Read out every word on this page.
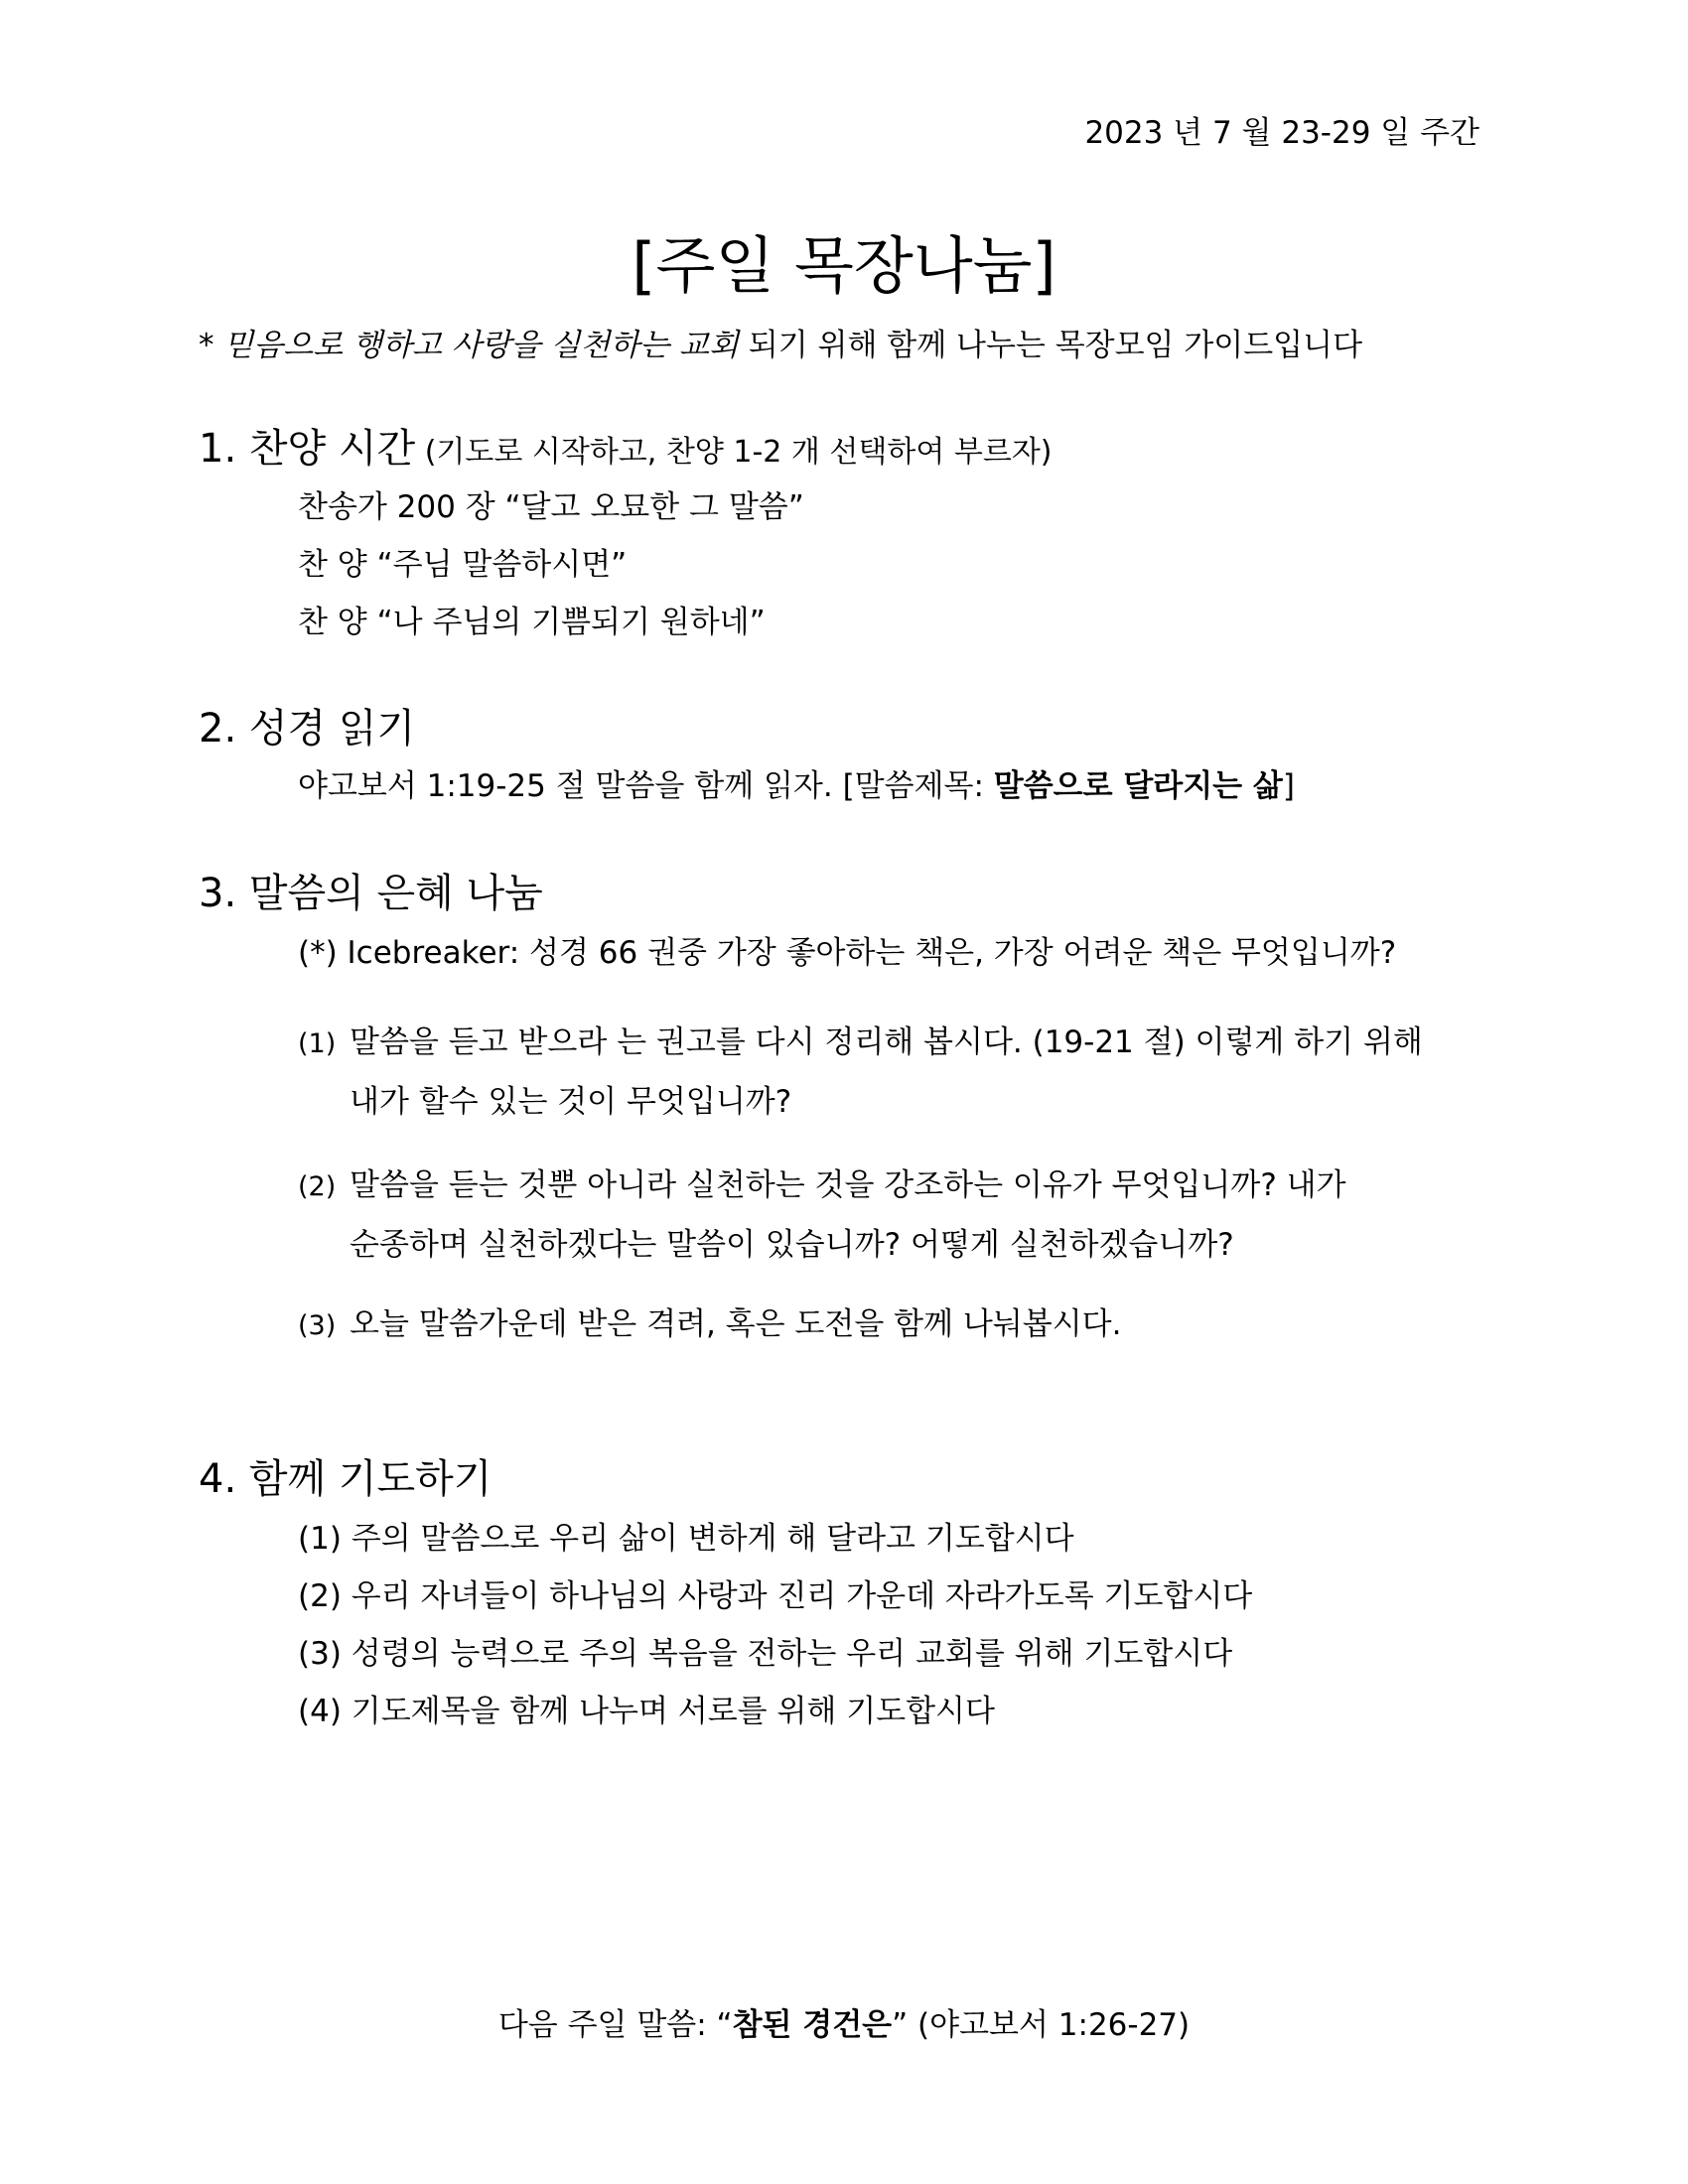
2023 년 7 월 23-29 일 주간
[주일 목장나눔]
* 믿음으로 행하고 사랑을 실천하는 교회 되기 위해 함께 나누는 목장모임 가이드입니다
1. 찬양 시간 (기도로 시작하고, 찬양 1-2 개 선택하여 부르자)
찬송가 200 장 “달고 오묘한 그 말씀”
찬 양 “주님 말씀하시면”
찬 양 “나 주님의 기쁨되기 원하네”
2. 성경 읽기
야고보서 1:19-25 절 말씀을 함께 읽자. [말씀제목: 말씀으로 달라지는 삶]
3. 말씀의 은혜 나눔
(*) Icebreaker: 성경 66 권중 가장 좋아하는 책은, 가장 어려운 책은 무엇입니까?
(1) 말씀을 듣고 받으라 는 권고를 다시 정리해 봅시다. (19-21 절) 이렇게 하기 위해
내가 할수 있는 것이 무엇입니까?
(2) 말씀을 듣는 것뿐 아니라 실천하는 것을 강조하는 이유가 무엇입니까? 내가
순종하며 실천하겠다는 말씀이 있습니까? 어떻게 실천하겠습니까?
(3) 오늘 말씀가운데 받은 격려, 혹은 도전을 함께 나눠봅시다.
4. 함께 기도하기
(1) 주의 말씀으로 우리 삶이 변하게 해 달라고 기도합시다
(2) 우리 자녀들이 하나님의 사랑과 진리 가운데 자라가도록 기도합시다
(3) 성령의 능력으로 주의 복음을 전하는 우리 교회를 위해 기도합시다
(4) 기도제목을 함께 나누며 서로를 위해 기도합시다
다음 주일 말씀: “참된 경건은” (야고보서 1:26-27)
